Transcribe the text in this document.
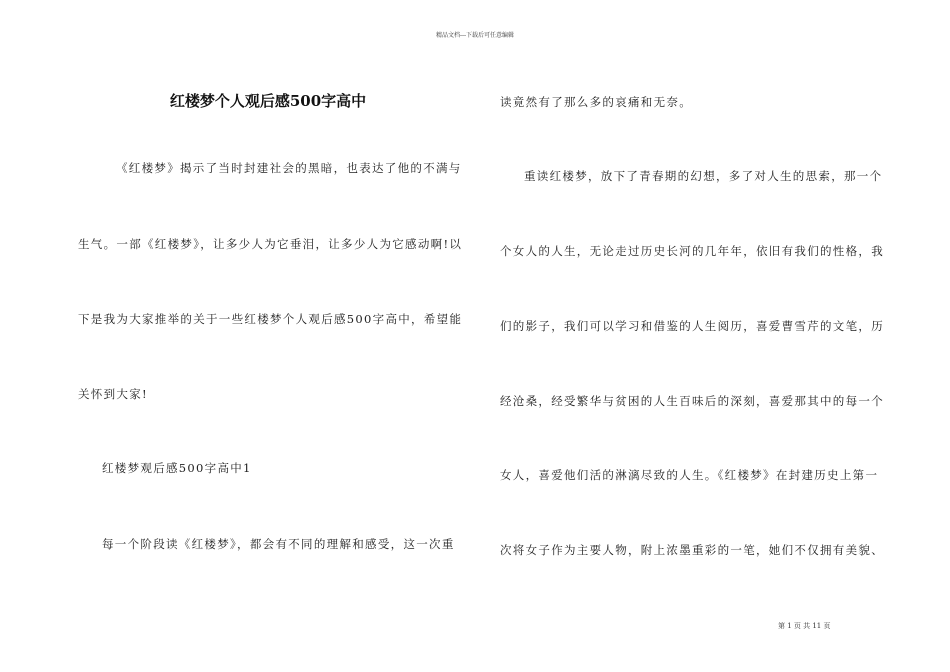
精品文档---下载后可任意编辑
红楼梦个人观后感500字高中
《红楼梦》揭示了当时封建社会的黑暗，也表达了他的不满与
生气。一部《红楼梦》，让多少人为它垂泪，让多少人为它感动啊!以
下是我为大家推举的关于一些红楼梦个人观后感500字高中，希望能
关怀到大家!
红楼梦观后感500字高中1
每一个阶段读《红楼梦》，都会有不同的理解和感受，这一次重
读竟然有了那么多的哀痛和无奈。
重读红楼梦，放下了青春期的幻想，多了对人生的思索，那一个
个女人的人生，无论走过历史长河的几年年，依旧有我们的性格，我
们的影子，我们可以学习和借鉴的人生阅历，喜爱曹雪芹的文笔，历
经沧桑，经受繁华与贫困的人生百味后的深刻，喜爱那其中的每一个
女人，喜爱他们活的淋漓尽致的人生。《红楼梦》在封建历史上第一
次将女子作为主要人物，附上浓墨重彩的一笔，她们不仅拥有美貌、
第 1 页 共 11 页
